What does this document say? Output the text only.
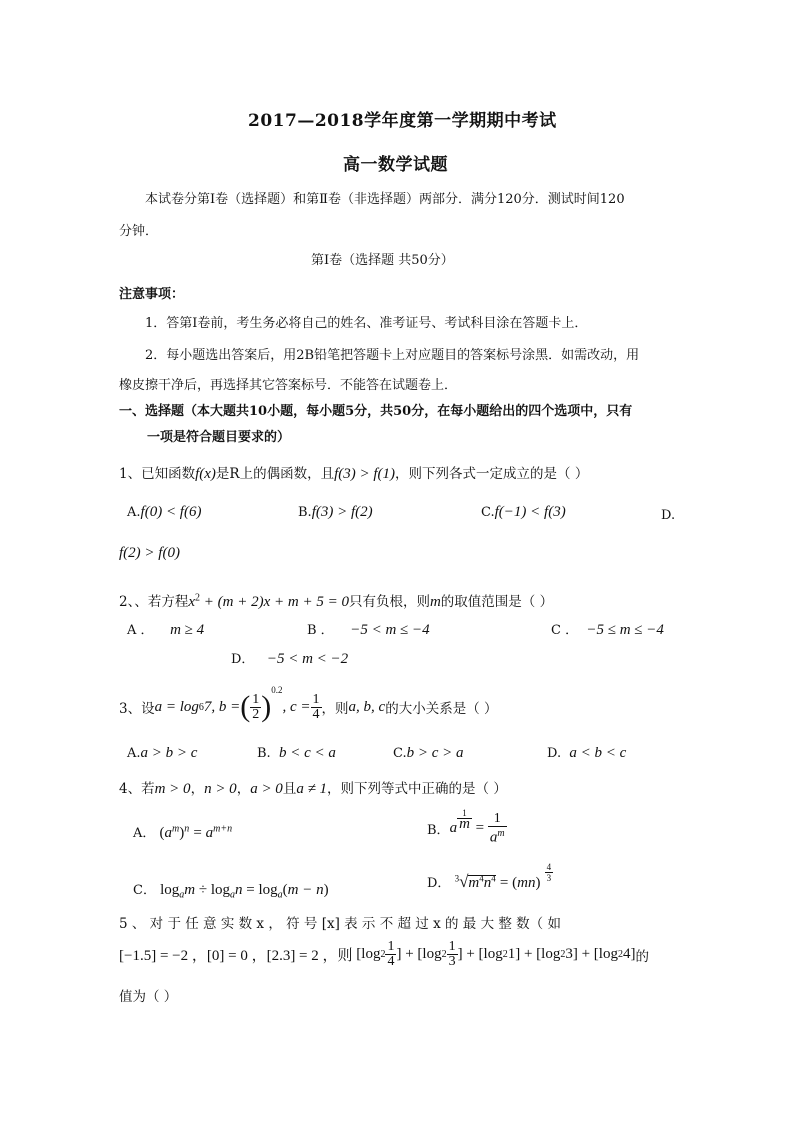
2017—2018学年度第一学期期中考试
高一数学试题
本试卷分第Ⅰ卷（选择题）和第Ⅱ卷（非选择题）两部分．满分120分．测试时间120
分钟．
第Ⅰ卷（选择题 共50分）
注意事项：
1．答第Ⅰ卷前，考生务必将自己的姓名、准考证号、考试科目涂在答题卡上．
2．每小题选出答案后，用2B铅笔把答题卡上对应题目的答案标号涂黑．如需改动，用
橡皮擦干净后，再选择其它答案标号．不能答在试题卷上．
一、选择题（本大题共10小题，每小题5分，共50分，在每小题给出的四个选项中，只有
一项是符合题目要求的）
1、已知函数f(x)是R上的偶函数，且f(3) > f(1)，则下列各式一定成立的是（ ）
A.f(0) < f(6)	B.f(3) > f(2)	C.f(−1) < f(3)	D.
f(2) > f(0)
2、、若方程$x^2 + (m + 2)x + m + 5 = 0$只有负根，则m的取值范围是（ ）
A ． m ≥ 4	B ． −5 < m ≤ −4	C ． −5 ≤ m ≤ −4
D． −5 < m < −2
3、设 a = log 6 7, b = ( $\frac{1}{2}$ ) 0.2
, $c = \frac{1}{4}$ ，则 a, b, c 的大小关系是（ ）
A.a > b > c	B. b < c < a	C.b > c > a	D. a < b < c
4、若m > 0，n > 0，a > 0且a ≠ 1，则下列等式中正确的是（ ）
A． $(a^m)^n = a^{m+n}$	B． a $\frac{1}{m} = \frac{1}{a^m}$
C． $\log_am \div \log_an = \log_a(m - n)$	D． $^3√m^4n^4 = (mn) \frac{4}{3}$
5 、 对 于 任 意 实 数 x ， 符 号 [x] 表 示 不 超 过 x 的 最 大 整 数（ 如
[−1.5] = −2 ，[0] = 0 ，[2.3] = 2 ，则 [log $2 \frac{1}{4}$ ] + [log $2 \frac{1}{3}$ ] + [log 2 1] + [log 2 3] + [log 2 4] 的
值为（ ）
